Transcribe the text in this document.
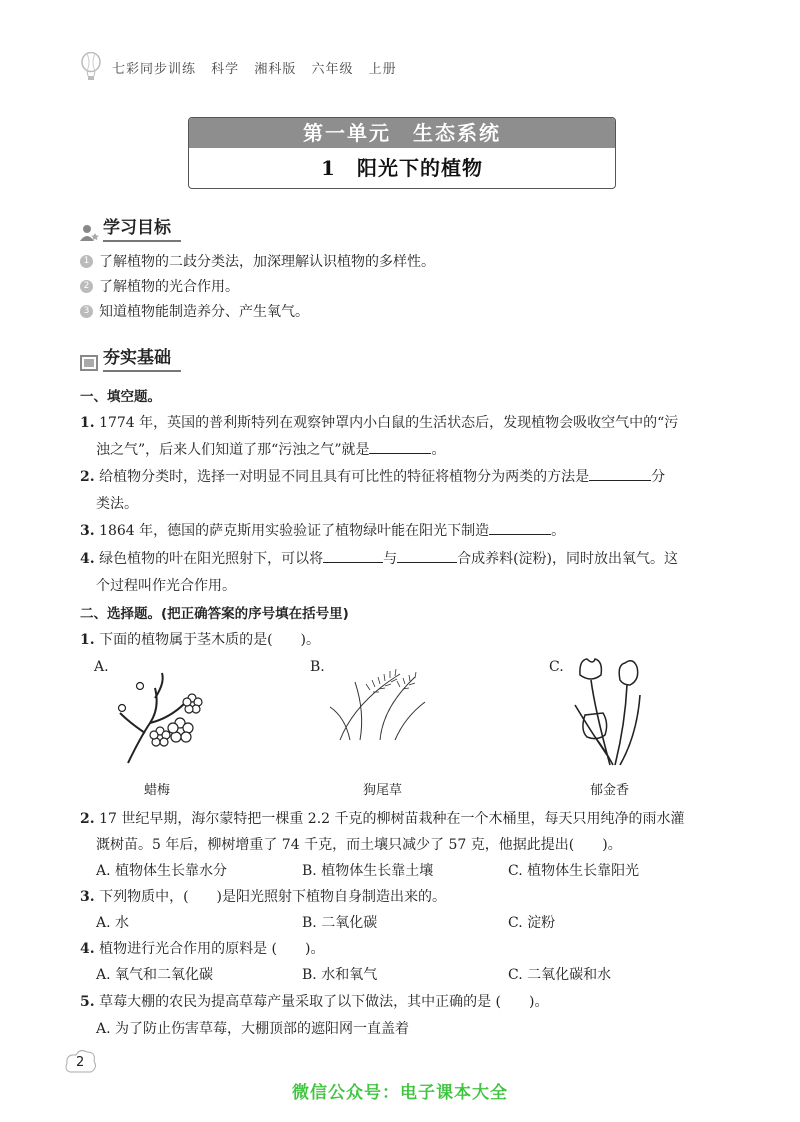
七彩同步训练 科学 湘科版 六年级 上册
第一单元　生态系统
1　阳光下的植物
学习目标
1 了解植物的二歧分类法，加深理解认识植物的多样性。
2 了解植物的光合作用。
3 知道植物能制造养分、产生氧气。
夯实基础
一、填空题。
1. 1774 年，英国的普利斯特列在观察钟罩内小白鼠的生活状态后，发现植物会吸收空气中的“污
浊之气”，后来人们知道了那“污浊之气”就是	。
2. 给植物分类时，选择一对明显不同且具有可比性的特征将植物分为两类的方法是	分
类法。
3. 1864 年，德国的萨克斯用实验验证了植物绿叶能在阳光下制造	。
4. 绿色植物的叶在阳光照射下，可以将	与	合成养料(淀粉)，同时放出氧气。这
个过程叫作光合作用。
二、选择题。(把正确答案的序号填在括号里)
1. 下面的植物属于茎木质的是(　　)。
A.	B.	C.
蜡梅	狗尾草	郁金香
2. 17 世纪早期，海尔蒙特把一棵重 2.2 千克的柳树苗栽种在一个木桶里，每天只用纯净的雨水灌
溉树苗。5 年后，柳树增重了 74 千克，而土壤只减少了 57 克，他据此提出(　　)。
A. 植物体生长靠水分	B. 植物体生长靠土壤	C. 植物体生长靠阳光
3. 下列物质中，(　　)是阳光照射下植物自身制造出来的。
A. 水	B. 二氧化碳	C. 淀粉
4. 植物进行光合作用的原料是 (　　)。
A. 氧气和二氧化碳	B. 水和氧气	C. 二氧化碳和水
5. 草莓大棚的农民为提高草莓产量采取了以下做法，其中正确的是 (　　)。
A. 为了防止伤害草莓，大棚顶部的遮阳网一直盖着
2
微信公众号：电子课本大全
